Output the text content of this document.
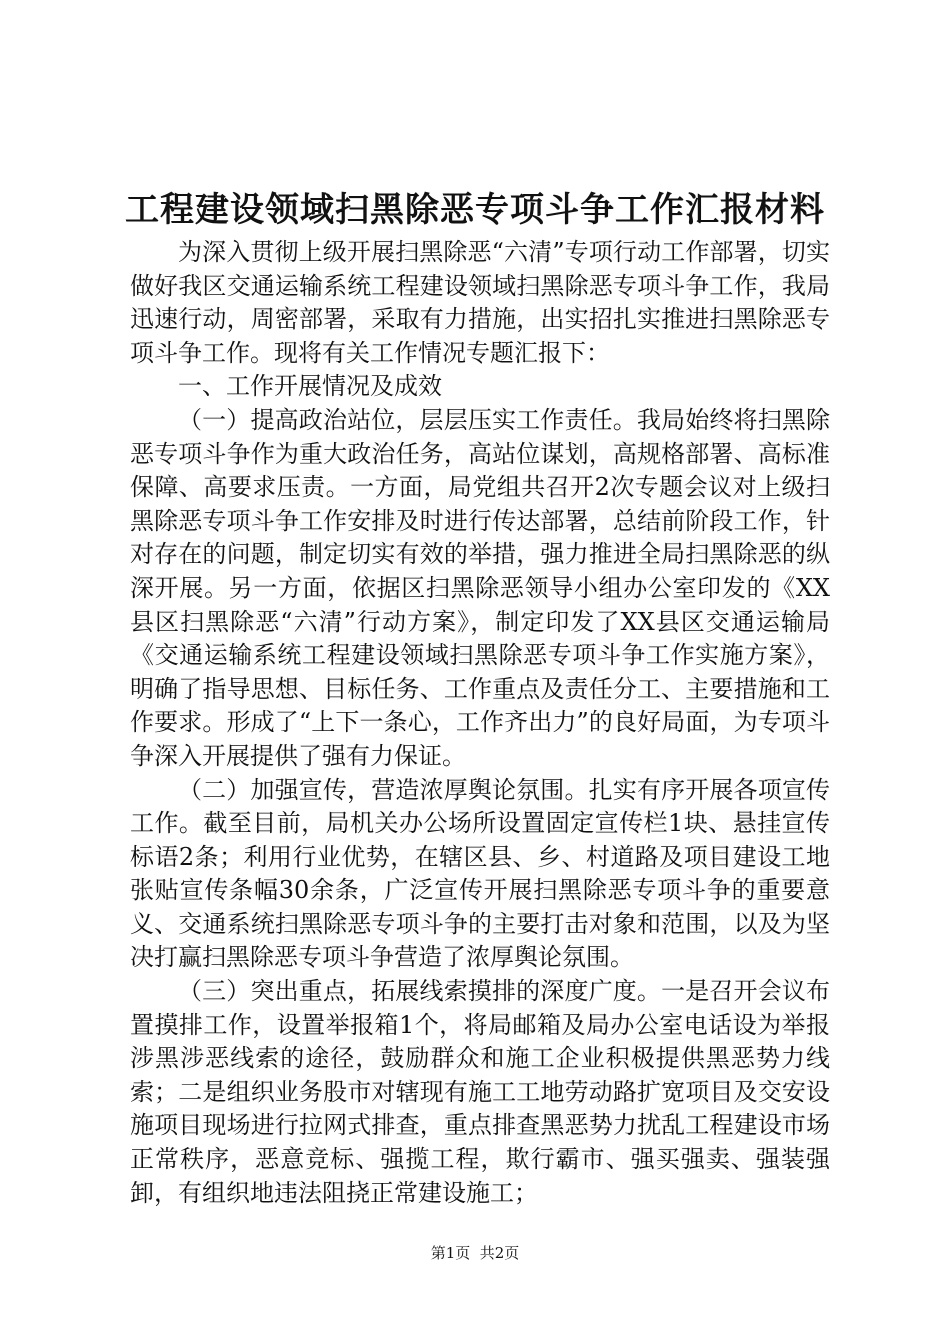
工程建设领域扫黑除恶专项斗争工作汇报材料

为深入贯彻上级开展扫黑除恶“六清”专项行动工作部署，切实做好我区交通运输系统工程建设领域扫黑除恶专项斗争工作，我局迅速行动，周密部署，采取有力措施，出实招扎实推进扫黑除恶专项斗争工作。现将有关工作情况专题汇报下：

一、工作开展情况及成效

（一）提高政治站位，层层压实工作责任。我局始终将扫黑除恶专项斗争作为重大政治任务，高站位谋划，高规格部署、高标准保障、高要求压责。一方面，局党组共召开2次专题会议对上级扫黑除恶专项斗争工作安排及时进行传达部署，总结前阶段工作，针对存在的问题，制定切实有效的举措，强力推进全局扫黑除恶的纵深开展。另一方面，依据区扫黑除恶领导小组办公室印发的《XX县区扫黑除恶“六清”行动方案》，制定印发了XX县区交通运输局《交通运输系统工程建设领域扫黑除恶专项斗争工作实施方案》，明确了指导思想、目标任务、工作重点及责任分工、主要措施和工作要求。形成了“上下一条心，工作齐出力”的良好局面，为专项斗争深入开展提供了强有力保证。

（二）加强宣传，营造浓厚舆论氛围。扎实有序开展各项宣传工作。截至目前，局机关办公场所设置固定宣传栏1块、悬挂宣传标语2条；利用行业优势，在辖区县、乡、村道路及项目建设工地张贴宣传条幅30余条，广泛宣传开展扫黑除恶专项斗争的重要意义、交通系统扫黑除恶专项斗争的主要打击对象和范围，以及为坚决打赢扫黑除恶专项斗争营造了浓厚舆论氛围。

（三）突出重点，拓展线索摸排的深度广度。一是召开会议布置摸排工作，设置举报箱1个，将局邮箱及局办公室电话设为举报涉黑涉恶线索的途径，鼓励群众和施工企业积极提供黑恶势力线索；二是组织业务股市对辖现有施工工地劳动路扩宽项目及交安设施项目现场进行拉网式排查，重点排查黑恶势力扰乱工程建设市场正常秩序，恶意竞标、强揽工程，欺行霸市、强买强卖、强装强卸，有组织地违法阻挠正常建设施工；

第1页  共2页
